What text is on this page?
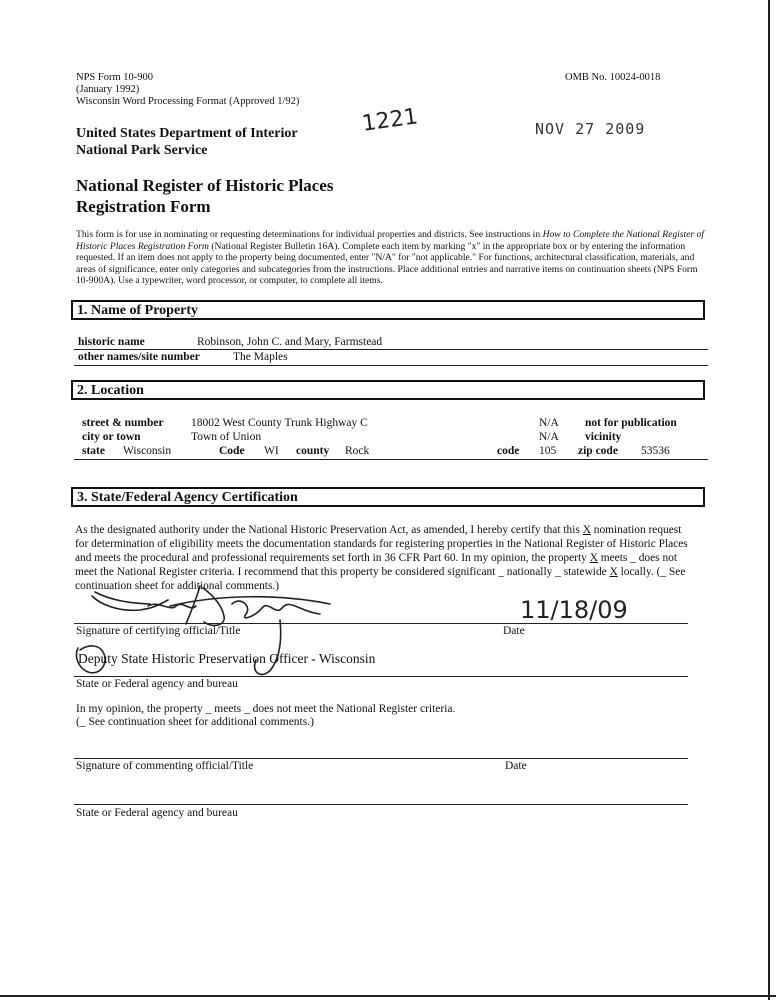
NPS Form 10-900
(January 1992)
Wisconsin Word Processing Format (Approved 1/92)
OMB No. 10024-0018
United States Department of Interior
National Park Service
1221	NOV 27 2009
National Register of Historic Places
Registration Form
This form is for use in nominating or requesting determinations for individual properties and districts. See instructions in How to Complete the National Register of Historic Places Registration Form (National Register Bulletin 16A). Complete each item by marking "x" in the appropriate box or by entering the information requested. If an item does not apply to the property being documented, enter "N/A" for "not applicable." For functions, architectural classification, materials, and areas of significance, enter only categories and subcategories from the instructions. Place additional entries and narrative items on continuation sheets (NPS Form 10-900A). Use a typewriter, word processor, or computer, to complete all items.
1. Name of Property
historic name	Robinson, John C. and Mary, Farmstead
other names/site number	The Maples
2. Location
street & number 18002 West County Trunk Highway C	N/A not for publication
city or town	Town of Union	N/A vicinity
state Wisconsin	Code WI county Rock	code 105 zip code 53536
3. State/Federal Agency Certification
As the designated authority under the National Historic Preservation Act, as amended, I hereby certify that this X nomination request for determination of eligibility meets the documentation standards for registering properties in the National Register of Historic Places and meets the procedural and professional requirements set forth in 36 CFR Part 60. In my opinion, the property X meets _ does not meet the National Register criteria. I recommend that this property be considered significant _ nationally _ statewide X locally. (_ See continuation sheet for additional comments.)
Signature of certifying official/Title	Date
11/18/09
Deputy State Historic Preservation Officer - Wisconsin
State or Federal agency and bureau
In my opinion, the property _ meets _ does not meet the National Register criteria.
(_ See continuation sheet for additional comments.)
Signature of commenting official/Title	Date
State or Federal agency and bureau
